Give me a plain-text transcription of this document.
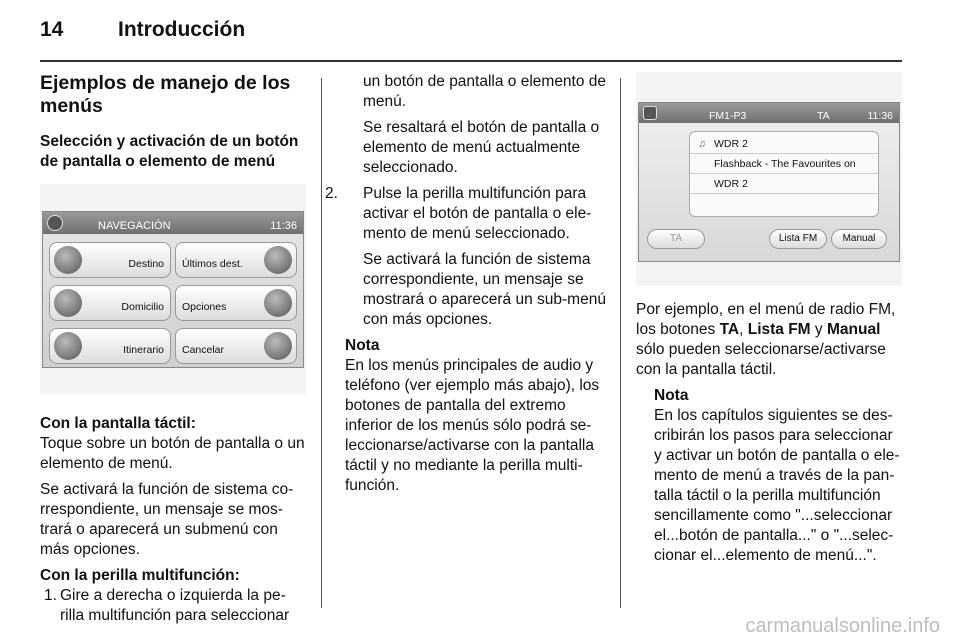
14	Introducción
Ejemplos de manejo de los menús
Selección y activación de un botón de pantalla o elemento de menú
NAVEGACIÓN	11:36
Destino Últimos dest.
Domicilio Opciones
Itinerario Cancelar
Con la pantalla táctil:

Toque sobre un botón de pantalla o un elemento de menú.

Se activará la función de sistema co-rrespondiente, un mensaje se mos-trará o aparecerá un submenú con más opciones.

Con la perilla multifunción:
1. Gire a derecha o izquierda la pe-rilla multifunción para seleccionar

un botón de pantalla o elemento de menú.

Se resaltará el botón de pantalla o elemento de menú actualmente seleccionado.

2. Pulse la perilla multifunción para activar el botón de pantalla o ele-mento de menú seleccionado.

Se activará la función de sistema correspondiente, un mensaje se mostrará o aparecerá un sub-menú con más opciones.

Nota

En los menús principales de audio y teléfono (ver ejemplo más abajo), los botones de pantalla del extremo inferior de los menús sólo podrá se-leccionarse/activarse con la pantalla táctil y no mediante la perilla multi-función.

FM1-P3	TA	11:36
♫ WDR 2
Flashback - The Favourites on
WDR 2
TA	Lista FM	Manual

Por ejemplo, en el menú de radio FM, los botones TA, Lista FM y Manual sólo pueden seleccionarse/activarse con la pantalla táctil.

Nota

En los capítulos siguientes se des-cribirán los pasos para seleccionar y activar un botón de pantalla o ele-mento de menú a través de la pan-talla táctil o la perilla multifunción sencillamente como "...seleccionar el...botón de pantalla..." o "...selec-cionar el...elemento de menú...".

carmanualsonline.info
